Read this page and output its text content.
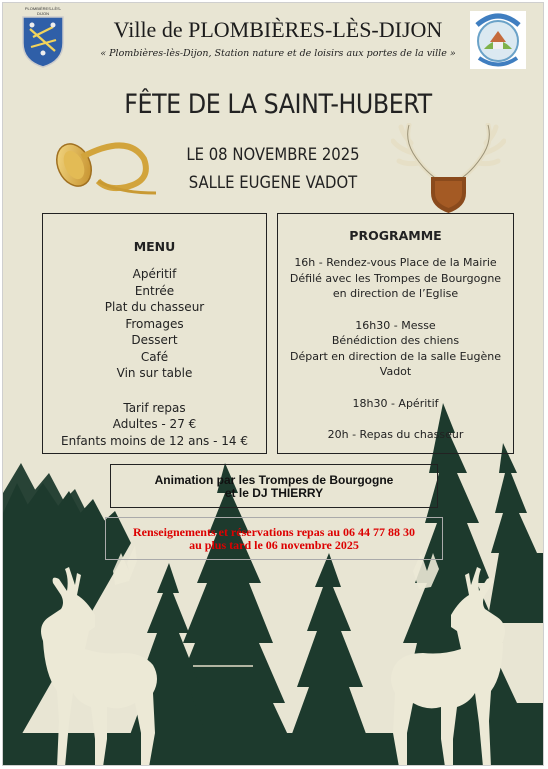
PLOMBIÈRES-LÈS-DIJON
Ville de PLOMBIÈRES-LÈS-DIJON
« Plombières-lès-Dijon, Station nature et de loisirs aux portes de la ville »
FÊTE DE LA SAINT-HUBERT
LE 08 NOVEMBRE 2025
SALLE EUGENE VADOT
MENU
Apéritif
Entrée
Plat du chasseur
Fromages
Dessert
Café
Vin sur table
Tarif repas
Adultes - 27 €
Enfants moins de 12 ans - 14 €
PROGRAMME
16h - Rendez-vous Place de la Mairie
Défilé avec les Trompes de Bourgogne
en direction de l’Eglise
16h30 - Messe
Bénédiction des chiens
Départ en direction de la salle Eugène
Vadot
18h30 - Apéritif
20h - Repas du chasseur
Animation par les Trompes de Bourgogne
et le DJ THIERRY
Renseignements et réservations repas au 06 44 77 88 30
au plus tard le 06 novembre 2025
